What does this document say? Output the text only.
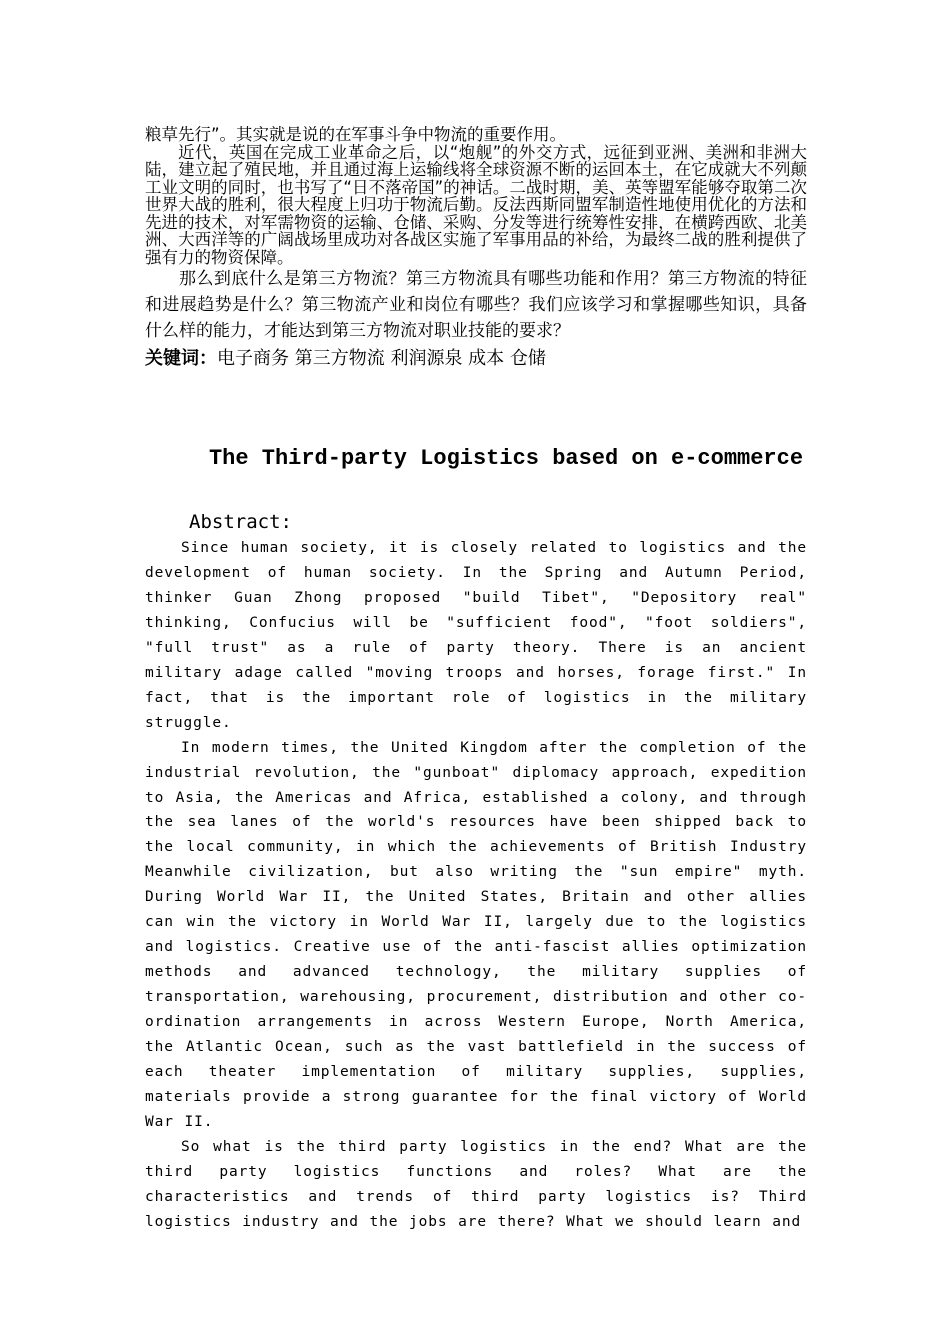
粮草先行”。其实就是说的在军事斗争中物流的重要作用。

近代，英国在完成工业革命之后，以“炮舰”的外交方式，远征到亚洲、美洲和非洲大陆，建立起了殖民地，并且通过海上运输线将全球资源不断的运回本土，在它成就大不列颠工业文明的同时，也书写了“日不落帝国”的神话。二战时期，美、英等盟军能够夺取第二次世界大战的胜利，很大程度上归功于物流后勤。反法西斯同盟军制造性地使用优化的方法和先进的技术，对军需物资的运输、仓储、采购、分发等进行统筹性安排，在横跨西欧、北美洲、大西洋等的广阔战场里成功对各战区实施了军事用品的补给，为最终二战的胜利提供了强有力的物资保障。

那么到底什么是第三方物流？第三方物流具有哪些功能和作用？第三方物流的特征和进展趋势是什么？第三物流产业和岗位有哪些？我们应该学习和掌握哪些知识，具备什么样的能力，才能达到第三方物流对职业技能的要求？

关键词：电子商务 第三方物流 利润源泉 成本 仓储

The Third-party Logistics based on e-commerce
Abstract:

Since human society, it is closely related to logistics and the development of human society. In the Spring and Autumn Period, thinker Guan Zhong proposed "build Tibet", "Depository real" thinking, Confucius will be "sufficient food", "foot soldiers", "full trust" as a rule of party theory. There is an ancient military adage called "moving troops and horses, forage first." In fact, that is the important role of logistics in the military struggle.

In modern times, the United Kingdom after the completion of the industrial revolution, the "gunboat" diplomacy approach, expedition to Asia, the Americas and Africa, established a colony, and through the sea lanes of the world's resources have been shipped back to the local community, in which the achievements of British Industry Meanwhile civilization, but also writing the "sun empire" myth. During World War II, the United States, Britain and other allies can win the victory in World War II, largely due to the logistics and logistics. Creative use of the anti-fascist allies optimization methods and advanced technology, the military supplies of transportation, warehousing, procurement, distribution and other co-ordination arrangements in across Western Europe, North America, the Atlantic Ocean, such as the vast battlefield in the success of each theater implementation of military supplies, supplies, materials provide a strong guarantee for the final victory of World War II.

So what is the third party logistics in the end? What are the third party logistics functions and roles? What are the characteristics and trends of third party logistics is? Third logistics industry and the jobs are there? What we should learn and
